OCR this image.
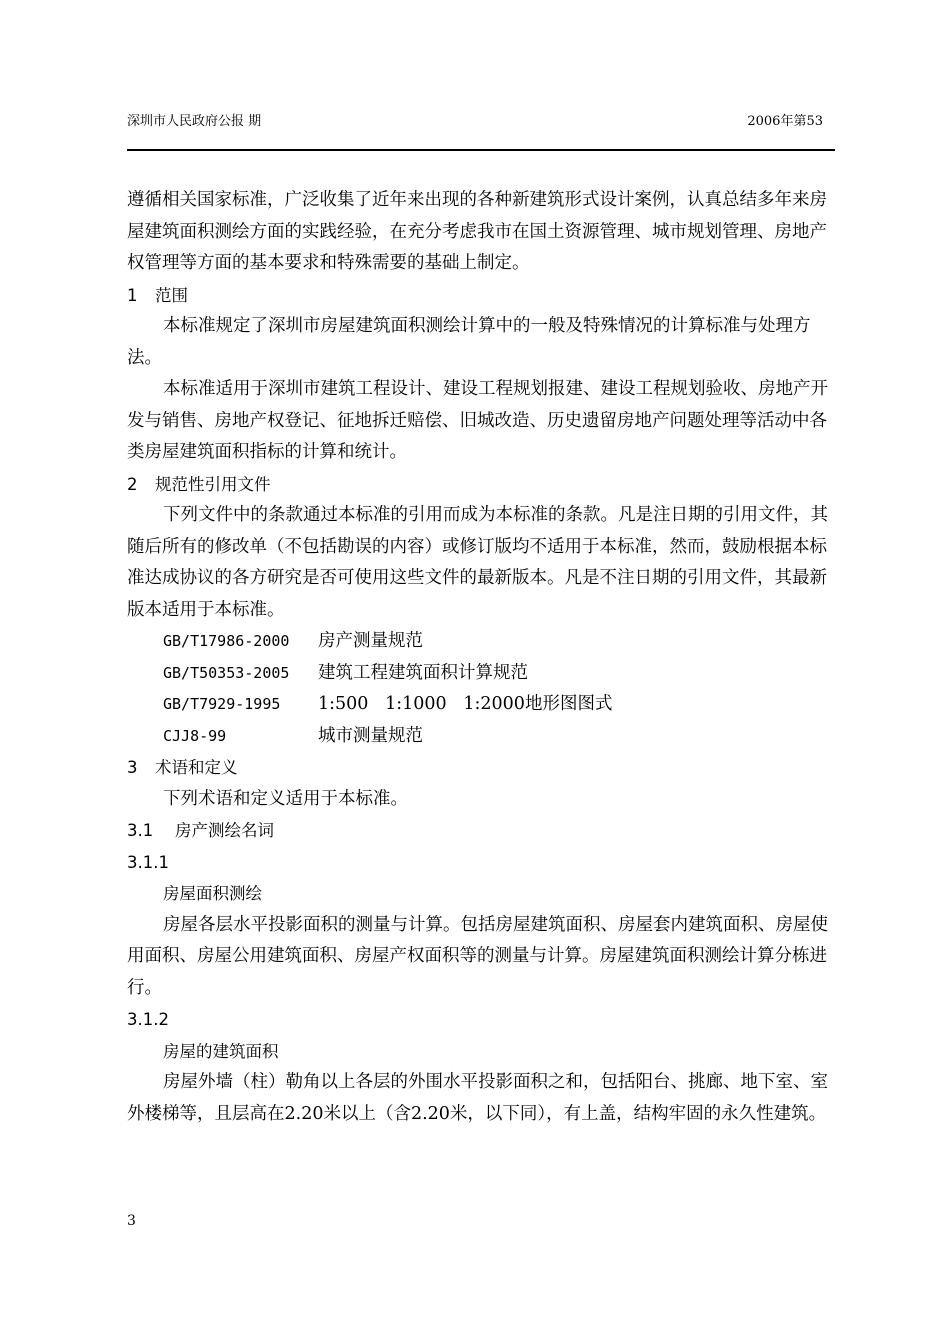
深圳市人民政府公报 期	2006年第53

遵循相关国家标准，广泛收集了近年来出现的各种新建筑形式设计案例，认真总结多年来房屋建筑面积测绘方面的实践经验，在充分考虑我市在国土资源管理、城市规划管理、房地产权管理等方面的基本要求和特殊需要的基础上制定。

1 范围

本标准规定了深圳市房屋建筑面积测绘计算中的一般及特殊情况的计算标准与处理方法。

本标准适用于深圳市建筑工程设计、建设工程规划报建、建设工程规划验收、房地产开发与销售、房地产权登记、征地拆迁赔偿、旧城改造、历史遗留房地产问题处理等活动中各类房屋建筑面积指标的计算和统计。

2 规范性引用文件

下列文件中的条款通过本标准的引用而成为本标准的条款。凡是注日期的引用文件，其随后所有的修改单（不包括勘误的内容）或修订版均不适用于本标准，然而，鼓励根据本标准达成协议的各方研究是否可使用这些文件的最新版本。凡是不注日期的引用文件，其最新版本适用于本标准。

GB/T17986-2000 房产测量规范

GB/T50353-2005 建筑工程建筑面积计算规范

GB/T7929-1995 1:500   1:1000   1:2000地形图图式

CJJ8-99	城市测量规范

3 术语和定义

下列术语和定义适用于本标准。

3.1 房产测绘名词

3.1.1

房屋面积测绘

房屋各层水平投影面积的测量与计算。包括房屋建筑面积、房屋套内建筑面积、房屋使用面积、房屋公用建筑面积、房屋产权面积等的测量与计算。房屋建筑面积测绘计算分栋进行。

3.1.2

房屋的建筑面积

房屋外墙（柱）勒角以上各层的外围水平投影面积之和，包括阳台、挑廊、地下室、室外楼梯等，且层高在2.20米以上（含2.20米，以下同），有上盖，结构牢固的永久性建筑。

3
